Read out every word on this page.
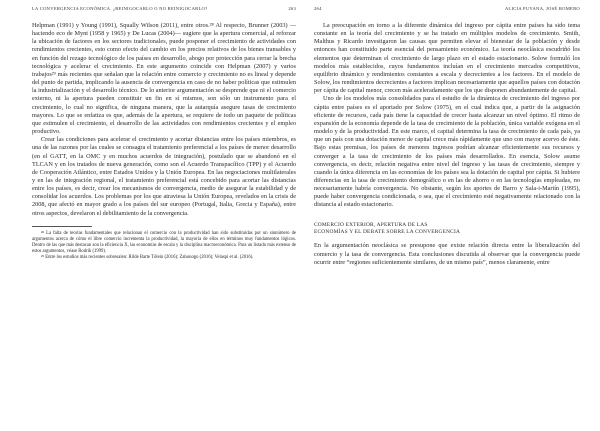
LA CONVERGENCIA ECONÓMICA. ¿REINIGOCARLO O NO REINIGOCARLO?	263

Helpman (1991) y Young (1991), Squally Wilson (2011), entre otros.²⁸ Al respecto, Brunner (2003) —haciendo eco de Mynt (1958 y 1965) y De Lucas (2004)— sugiere que la apertura comercial, al reforzar la ubicación de factores en los sectores tradicionales, puede posponer el crecimiento de actividades con rendimientos crecientes, esto como efecto del cambio en los precios relativos de los bienes transables y en función del rezago tecnológico de los países en desarrollo, abogo por protección para cerrar la brecha tecnológica y acelerar el crecimiento. En este argumento coincide con Helpman (2007) y varios trabajos²⁹ más recientes que señalan que la relación entre comercio y crecimiento no es lineal y depende del punto de partida, implicando la ausencia de convergencia en caso de no haber políticas que estimulen la industrialización y el desarrollo técnico. De lo anterior argumentación se desprende que ni el comercio externo, ni la apertura pueden constituir un fin en sí mismos, son sólo un instrumento para el crecimiento, lo cual no significa, de ninguna manera, que la autarquía asegure tasas de crecimiento mayores. Lo que se enfatiza es que, además de la apertura, se requiere de todo un paquete de políticas que estimulen el crecimiento, el desarrollo de las actividades con rendimientos crecientes y el empleo productivo.

Crear las condiciones para acelerar el crecimiento y acortar distancias entre los países miembros, es una de las razones por las cuales se consagra el tratamiento preferencial a los países de menor desarrollo (en el GATT, en la OMC y en muchos acuerdos de integración), postulado que se abandonó en el TLCAN y en los tratados de nueva generación, como son el Acuerdo Transpacífico (TPP) y el Acuerdo de Cooperación Atlántico, entre Estados Unidos y la Unión Europea. En las negociaciones multilaterales y en las de integración regional, el tratamiento preferencial está concebido para acortar las distancias entre los países, es decir, crear los mecanismos de convergencia, medio de asegurar la estabilidad y de consolidar los acuerdos. Los problemas por los que atraviesa la Unión Europea, revelados en la crisis de 2008, que afectó en mayor grado a los países del sur europeo (Portugal, Italia, Grecia y España), entre otros aspectos, develaron el debilitamiento de la convergencia.

²⁸ La falta de teorías fundamentales que relacionan el comercio con la productividad han sido substituidas por un sinnúmero de argumentos acerca de cómo el libre comercio incrementa la productividad, la mayoría de ellos en términos muy fundamentos lógicos. Dentro de las que más destacan son la eficiencia X, las economías de escala y la disciplina macroeconómica. Para un listado más extenso de estos argumentos, véase Rodrik (1999).

²⁹ Entre los estudios más recientes sobresalen: Rilde Barte Tólein (2016); Zahonogo (2016); Velaspi et al. (2016).

264	ALICIA PUYANA, JOSÉ ROMERO

La preocupación en torno a la diferente dinámica del ingreso por cápita entre países ha sido tema constante en la teoría del crecimiento y se ha tratado en múltiples modelos de crecimiento. Smith, Malthus y Ricardo investigaron las causas que permiten elevar el bienestar de la población y desde entonces han constituido parte esencial del pensamiento económico. La teoría neoclásica escudriñó los elementos que determinan el crecimiento de largo plazo en el estado estacionario. Solow formuló los modelos más establecidos, cuyos fundamentos incluían en el crecimiento mercados competitivos, equilibrio dinámico y rendimientos constantes a escala y decrecientes a los factores. En el modelo de Solow, los rendimientos decrecientes a factores implican necesariamente que aquellos países con dotación per cápita de capital menor, crecen más aceleradamente que los que disponen abundantemente de capital.

Uno de los modelos más consolidados para el estudio de la dinámica de crecimiento del ingreso por cápita entre países es el aportado por Solow (1975), en el cual indica que, a partir de la asignación eficiente de recursos, cada país tiene la capacidad de crecer hasta alcanzar un nivel óptimo. El ritmo de expansión de la economía depende de la tasa de crecimiento de la población, única variable exógena en el modelo y de la productividad. En este marco, el capital determina la tasa de crecimiento de cada país, ya que un país con una dotación menor de capital crece más rápidamente que uno con mayor acervo de éste. Bajo estas premisas, los países de menores ingresos podrían alcanzar eficientemente sus recursos y converger a la tasa de crecimiento de los países más desarrollados. En esencia, Solow asume convergencia, es decir, relación negativa entre nivel del ingreso y las tasas de crecimiento, siempre y cuando la única diferencia en las economías de los países sea la dotación de capital por cápita. Si hubiere diferencias en la tasa de crecimiento demográfico o en las de ahorro o en las tecnologías empleadas, no necesariamente habría convergencia. No obstante, según los aportes de Barro y Sala-i-Martín (1995), puede haber convergencia condicionada, o sea, que el crecimiento esté negativamente relacionado con la distancia al estado estacionario.

COMERCIO EXTERIOR, APERTURA DE LAS
ECONOMÍAS Y EL DEBATE SOBRE LA CONVERGENCIA

En la argumentación neoclásica se presupone que existe relación directa entre la liberalización del comercio y la tasa de convergencia. Esta conclusiones discutida al observar que la convergencia puede ocurrir entre “regiones suficientemente similares, de un mismo país”, menos claramente, entre
